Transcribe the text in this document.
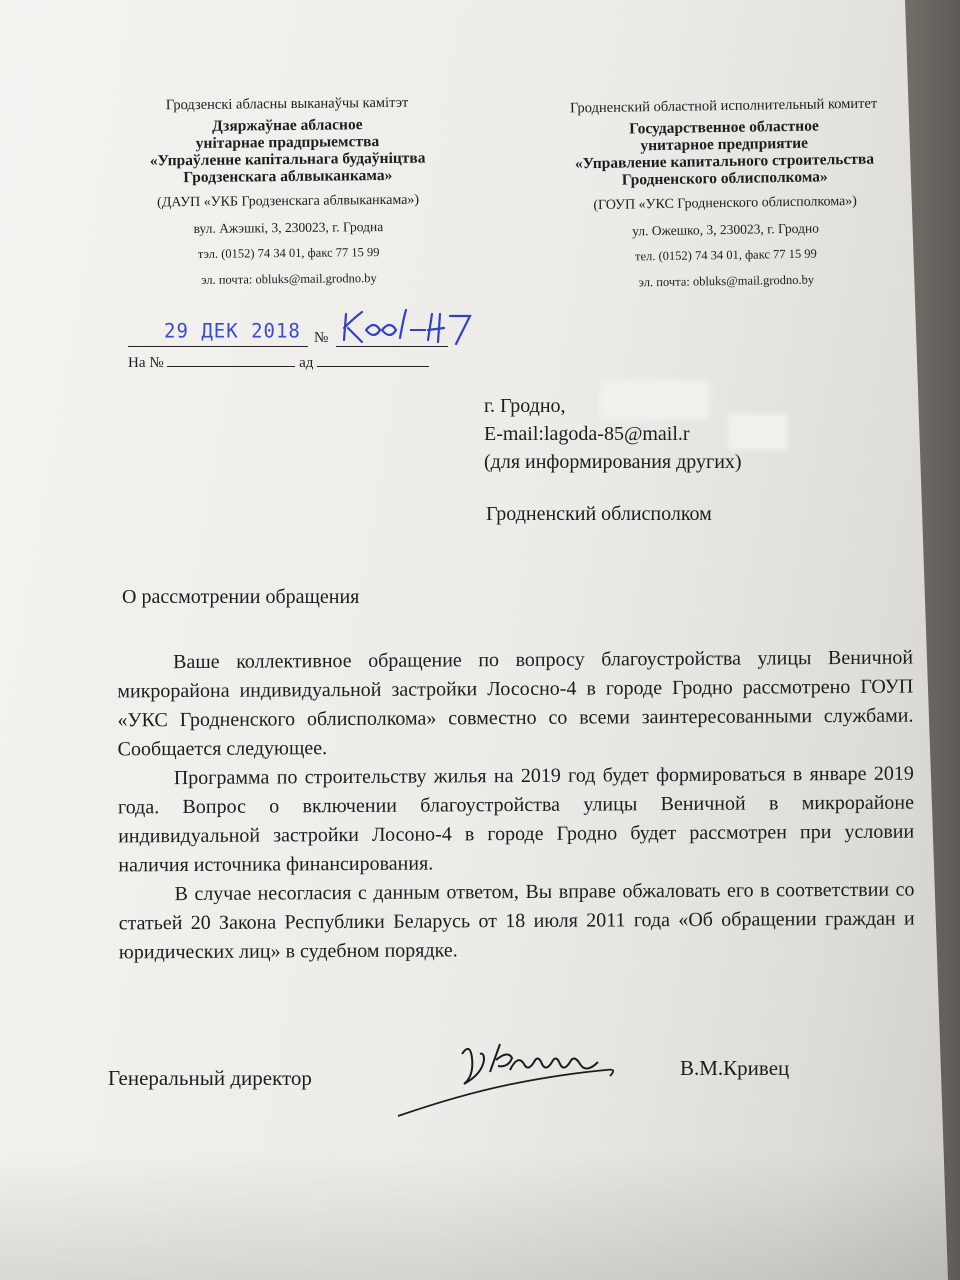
Гродзенскі абласны выканаўчы камітэт
Дзяржаўнае абласное
унітарнае прадпрыемства
«Упраўленне капітальнага будаўніцтва
Гродзенскага аблвыканкама»
(ДАУП «УКБ Гродзенскага аблвыканкама»)
вул. Ажэшкі, 3, 230023, г. Гродна
тэл. (0152) 74 34 01, факс 77 15 99
эл. почта: obluks@mail.grodno.by
Гродненский областной исполнительный комитет
Государственное областное
унитарное предприятие
«Управление капитального строительства
Гродненского облисполкома»
(ГОУП «УКС Гродненского облисполкома»)
ул. Ожешко, 3, 230023, г. Гродно
тел. (0152) 74 34 01, факс 77 15 99
эл. почта: obluks@mail.grodno.by
29 ДЕК 2018 №
На №	ад
г. Гродно,
E-mail:lagoda-85@mail.r
(для информирования других)
Гродненский облисполком
О рассмотрении обращения

Ваше коллективное обращение по вопросу благоустройства улицы Веничной микрорайона индивидуальной застройки Лососно-4 в городе Гродно рассмотрено ГОУП «УКС Гродненского облисполкома» совместно со всеми заинтересованными службами. Сообщается следующее.

Программа по строительству жилья на 2019 год будет формироваться в январе 2019 года. Вопрос о включении благоустройства улицы Веничной в микрорайоне индивидуальной застройки Лосоно-4 в городе Гродно будет рассмотрен при условии наличия источника финансирования.

В случае несогласия с данным ответом, Вы вправе обжаловать его в соответствии со статьей 20 Закона Республики Беларусь от 18 июля 2011 года «Об обращении граждан и юридических лиц» в судебном порядке.

Генеральный директор	В.М.Кривец
